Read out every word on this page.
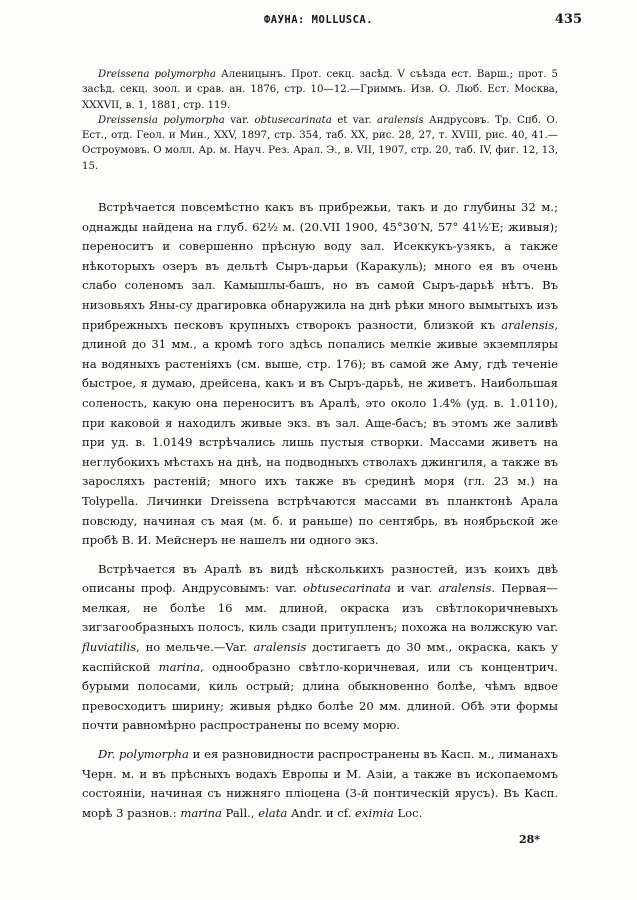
ФАУНА: MOLLUSCA.	435

Dreissena polymorpha Аленицынъ. Прот. секц. засѣд. V съѣзда ест. Варш.; прот. 5 засѣд. секц. зоол. и срав. ан. 1876, стр. 10—12.—Гриммъ. Изв. О. Люб. Ест. Москва, XXXVII, в. 1, 1881, стр. 119.

Dreissensia polymorpha var. obtusecarinata et var. aralensis Андрусовъ. Тр. Спб. О. Ест., отд. Геол. и Мин., XXV, 1897, стр. 354, таб. XX, рис. 28, 27, т. XVIII, рис. 40, 41.—Остроумовъ. О молл. Ар. м. Науч. Рез. Арал. Э., в. VII, 1907, стр. 20, таб. IV, фиг. 12, 13, 15.

Встрѣчается повсемѣстно какъ въ прибрежьи, такъ и до глубины 32 м.; однажды найдена на глуб. 62½ м. (20.VII 1900, 45°30′N, 57° 41½′E; живыя); переноситъ и совершенно прѣсную воду зал. Исеккукъ-узякъ, а также нѣкоторыхъ озеръ въ дельтѣ Сыръ-дарьи (Каракуль); много ея въ очень слабо соленомъ зал. Камышлы-башъ, но въ самой Сыръ-дарьѣ нѣтъ. Въ низовьяхъ Яны-су драгировка обнаружила на днѣ рѣки много вымытыхъ изъ прибрежныхъ песковъ крупныхъ створокъ разности, близкой къ aralensis, длиной до 31 мм., а кромѣ того здѣсь попались мелкіе живые экземпляры на водяныхъ растеніяхъ (см. выше, стр. 176); въ самой же Аму, гдѣ теченіе быстрое, я думаю, дрейсена, какъ и въ Сыръ-дарьѣ, не живетъ. Наибольшая соленость, какую она переноситъ въ Аралѣ, это около 1.4% (уд. в. 1.0110), при каковой я находилъ живые экз. въ зал. Аще-басъ; въ этомъ же заливѣ при уд. в. 1.0149 встрѣчались лишь пустыя створки. Массами живетъ на неглубокихъ мѣстахъ на днѣ, на подводныхъ стволахъ джингиля, а также въ заросляхъ растеній; много ихъ также въ срединѣ моря (гл. 23 м.) на Tolypella. Личинки Dreissena встрѣчаются массами въ планктонѣ Арала повсюду, начиная съ мая (м. б. и раньше) по сентябрь, въ ноябрьской же пробѣ В. И. Мейснеръ не нашелъ ни одного экз.

Встрѣчается въ Аралѣ въ видѣ нѣсколькихъ разностей, изъ коихъ двѣ описаны проф. Андрусовымъ: var. obtusecarinata и var. aralensis. Первая—мелкая, не болѣе 16 мм. длиной, окраска изъ свѣтлокоричневыхъ зигзагообразныхъ полосъ, киль сзади притупленъ; похожа на волжскую var. fluviatilis, но мельче.—Var. aralensis достигаетъ до 30 мм., окраска, какъ у каспійской marina, однообразно свѣтло-коричневая, или съ концентрич. бурыми полосами, киль острый; длина обыкновенно болѣе, чѣмъ вдвое превосходитъ ширину; живыя рѣдко болѣе 20 мм. длиной. Обѣ эти формы почти равномѣрно распространены по всему морю.

Dr. polymorpha и ея разновидности распространены въ Касп. м., лиманахъ Черн. м. и въ прѣсныхъ водахъ Европы и М. Азіи, а также въ ископаемомъ состояніи, начиная съ нижняго пліоцена (3-й понтическій ярусъ). Въ Касп. морѣ 3 разнов.: marina Pall., elata Andr. и cf. eximia Loc.

28*
